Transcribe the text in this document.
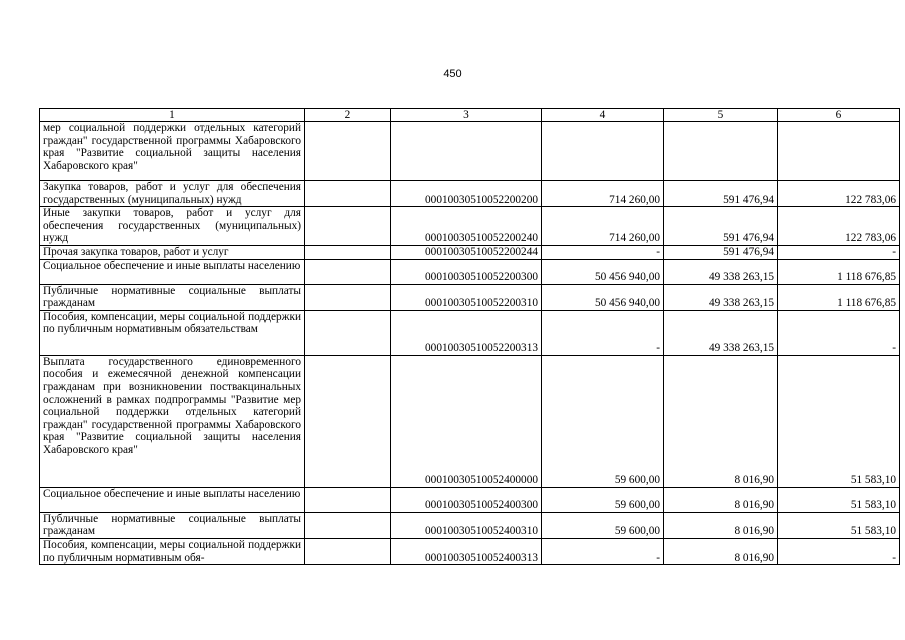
450
1	2	3	4	5	6
мер социальной поддержки отдельных категорий граждан" государственной программы Хабаровского края "Развитие социальной защиты населения Хабаровского края"					
Закупка товаров, работ и услуг для обеспечения государственных (муниципальных) нужд		00010030510052200200	714 260,00	591 476,94	122 783,06
Иные закупки товаров, работ и услуг для обеспечения государственных (муниципальных) нужд		00010030510052200240	714 260,00	591 476,94	122 783,06
Прочая закупка товаров, работ и услуг		00010030510052200244	-	591 476,94	-
Социальное обеспечение и иные выплаты населению		00010030510052200300	50 456 940,00	49 338 263,15	1 118 676,85
Публичные нормативные социальные выплаты гражданам		00010030510052200310	50 456 940,00	49 338 263,15	1 118 676,85
Пособия, компенсации, меры социальной поддержки по публичным нормативным обязательствам		00010030510052200313	-	49 338 263,15	-
Выплата государственного единовременного пособия и ежемесячной денежной компенсации гражданам при возникновении поствакцинальных осложнений в рамках подпрограммы "Развитие мер социальной поддержки отдельных категорий граждан" государственной программы Хабаровского края "Развитие социальной защиты населения Хабаровского края"		00010030510052400000	59 600,00	8 016,90	51 583,10
Социальное обеспечение и иные выплаты населению		00010030510052400300	59 600,00	8 016,90	51 583,10
Публичные нормативные социальные выплаты гражданам		00010030510052400310	59 600,00	8 016,90	51 583,10
Пособия, компенсации, меры социальной поддержки по публичным нормативным обя-		00010030510052400313	-	8 016,90	-
